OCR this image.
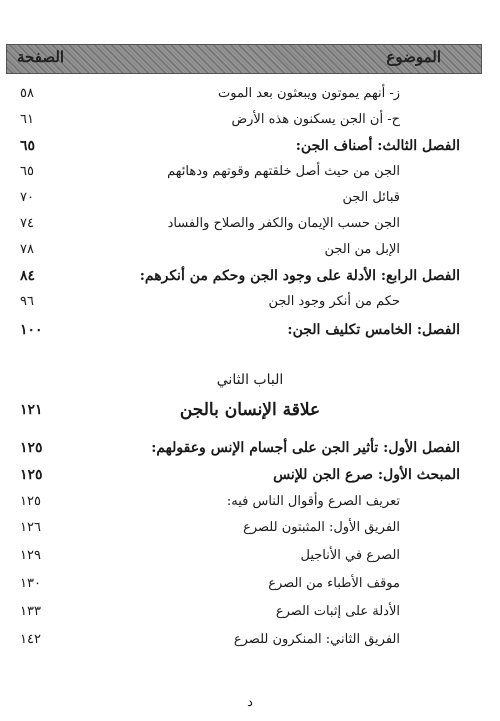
الموضوع
الصفحة
ز- أنهم يموتون ويبعثون بعد الموت
٥٨
ح- أن الجن يسكنون هذه الأرض
٦١
الفصل الثالث: أصناف الجن:
٦٥
الجن من حيث أصل خلقتهم وقوتهم ودهائهم
٦٥
قبائل الجن
٧٠
الجن حسب الإيمان والكفر والصلاح والفساد
٧٤
الإبل من الجن
٧٨
الفصل الرابع: الأدلة على وجود الجن وحكم من أنكرهم:
٨٤
حكم من أنكر وجود الجن
٩٦
الفصل: الخامس تكليف الجن:
١٠٠
الباب الثاني
علاقة الإنسان بالجن
١٢١
الفصل الأول: تأثير الجن على أجسام الإنس وعقولهم:
١٢٥
المبحث الأول: صرع الجن للإنس
١٢٥
تعريف الصرع وأقوال الناس فيه:
١٢٥
الفريق الأول: المثبتون للصرع
١٢٦
الصرع في الأناجيل
١٢٩
موقف الأطباء من الصرع
١٣٠
الأدلة على إثبات الصرع
١٣٣
الفريق الثاني: المنكرون للصرع
١٤٢
د
